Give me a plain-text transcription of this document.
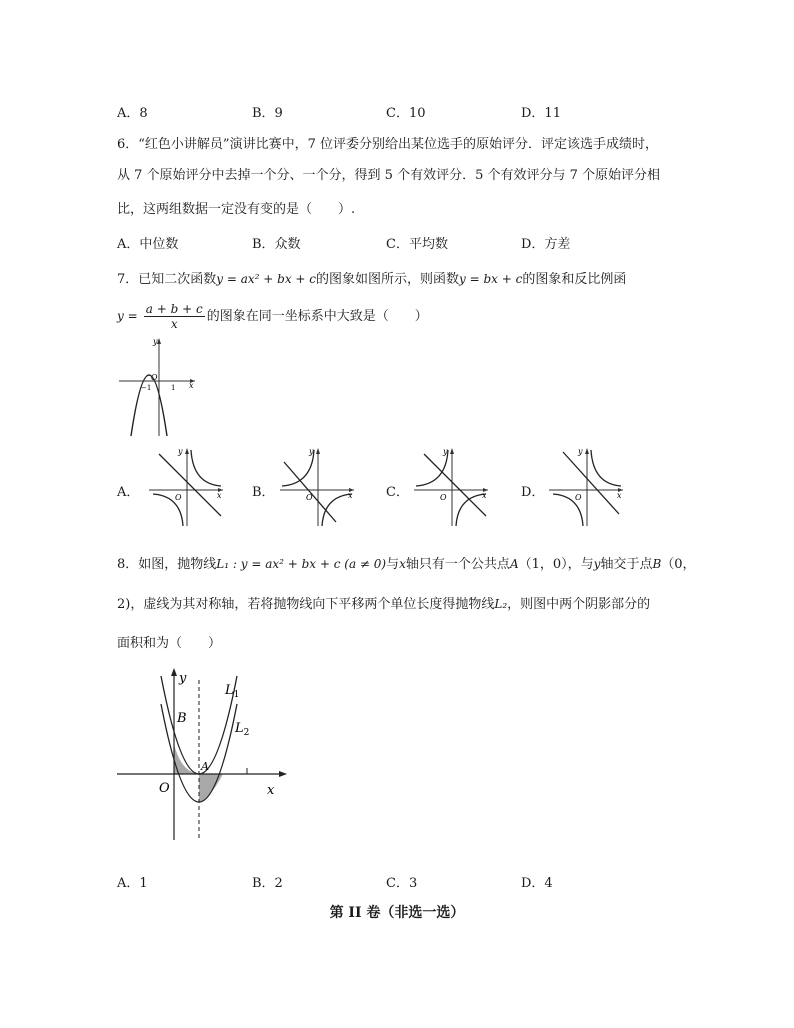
A．8	B．9	C．10	D．11
6．“红色小讲解员”演讲比赛中，7 位评委分别给出某位选手的原始评分．评定该选手成绩时，
从 7 个原始评分中去掉一个分、一个分，得到 5 个有效评分．5 个有效评分与 7 个原始评分相
比，这两组数据一定没有变的是（　　）.
A．中位数	B．众数	C．平均数	D．方差
7．已知二次函数y = ax² + bx + c的图象如图所示，则函数y = bx + c的图象和反比例函
$y = \frac{a + b + c}{x}$ 的图象在同一坐标系中大致是（　　）
y
x
O
−1	1
A．
y
x
O	B．
y
x
O	C．
y
x
O	D．
y
x
O
8．如图，抛物线L₁ : y = ax² + bx + c (a ≠ 0)与x轴只有一个公共点A（1，0），与y轴交于点B（0，
2)，虚线为其对称轴，若将抛物线向下平移两个单位长度得抛物线L₂，则图中两个阴影部分的
面积和为（　　）
y
x
O
B
A
$L_1$
$L_2$
A．1	B．2	C．3	D．4
第 II 卷（非选一选）
